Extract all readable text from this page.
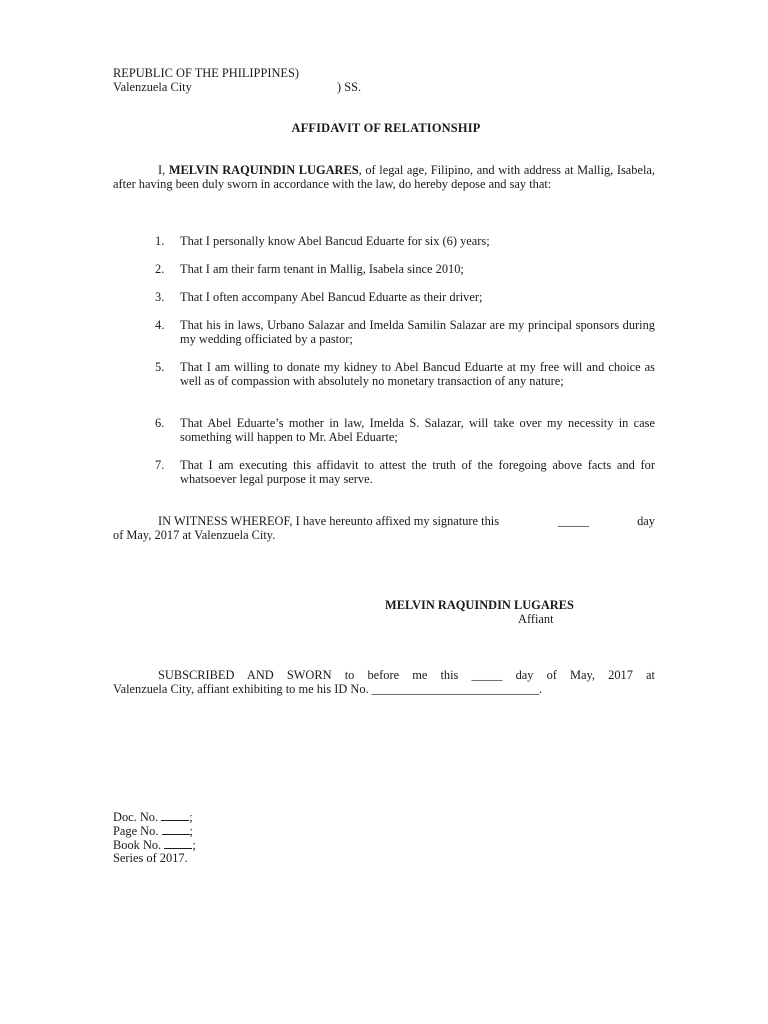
REPUBLIC OF THE PHILIPPINES)
Valenzuela City	) SS.
AFFIDAVIT OF RELATIONSHIP
I, MELVIN RAQUINDIN LUGARES, of legal age, Filipino, and with address at Mallig, Isabela, after having been duly sworn in accordance with the law, do hereby depose and say that:
1.	That I personally know Abel Bancud Eduarte for six (6) years;
2.	That I am their farm tenant in Mallig, Isabela since 2010;
3.	That I often accompany Abel Bancud Eduarte as their driver;
4.	That his in laws, Urbano Salazar and Imelda Samilin Salazar are my principal sponsors during my wedding officiated by a pastor;
5.	That I am willing to donate my kidney to Abel Bancud Eduarte at my free will and choice as well as of compassion with absolutely no monetary transaction of any nature;
6.	That Abel Eduarte’s mother in law, Imelda S. Salazar, will take over my necessity in case something will happen to Mr. Abel Eduarte;
7.	That I am executing this affidavit to attest the truth of the foregoing above facts and for whatsoever legal purpose it may serve.
IN WITNESS WHEREOF, I have hereunto affixed my signature this	_____	day
of May, 2017 at Valenzuela City.
MELVIN RAQUINDIN LUGARES
Affiant
SUBSCRIBED AND SWORN to before me this _____ day of May, 2017 at
Valenzuela City, affiant exhibiting to me his ID No. ___________________________.
Doc. No.	;
Page No.	;
Book No.	;
Series of 2017.
